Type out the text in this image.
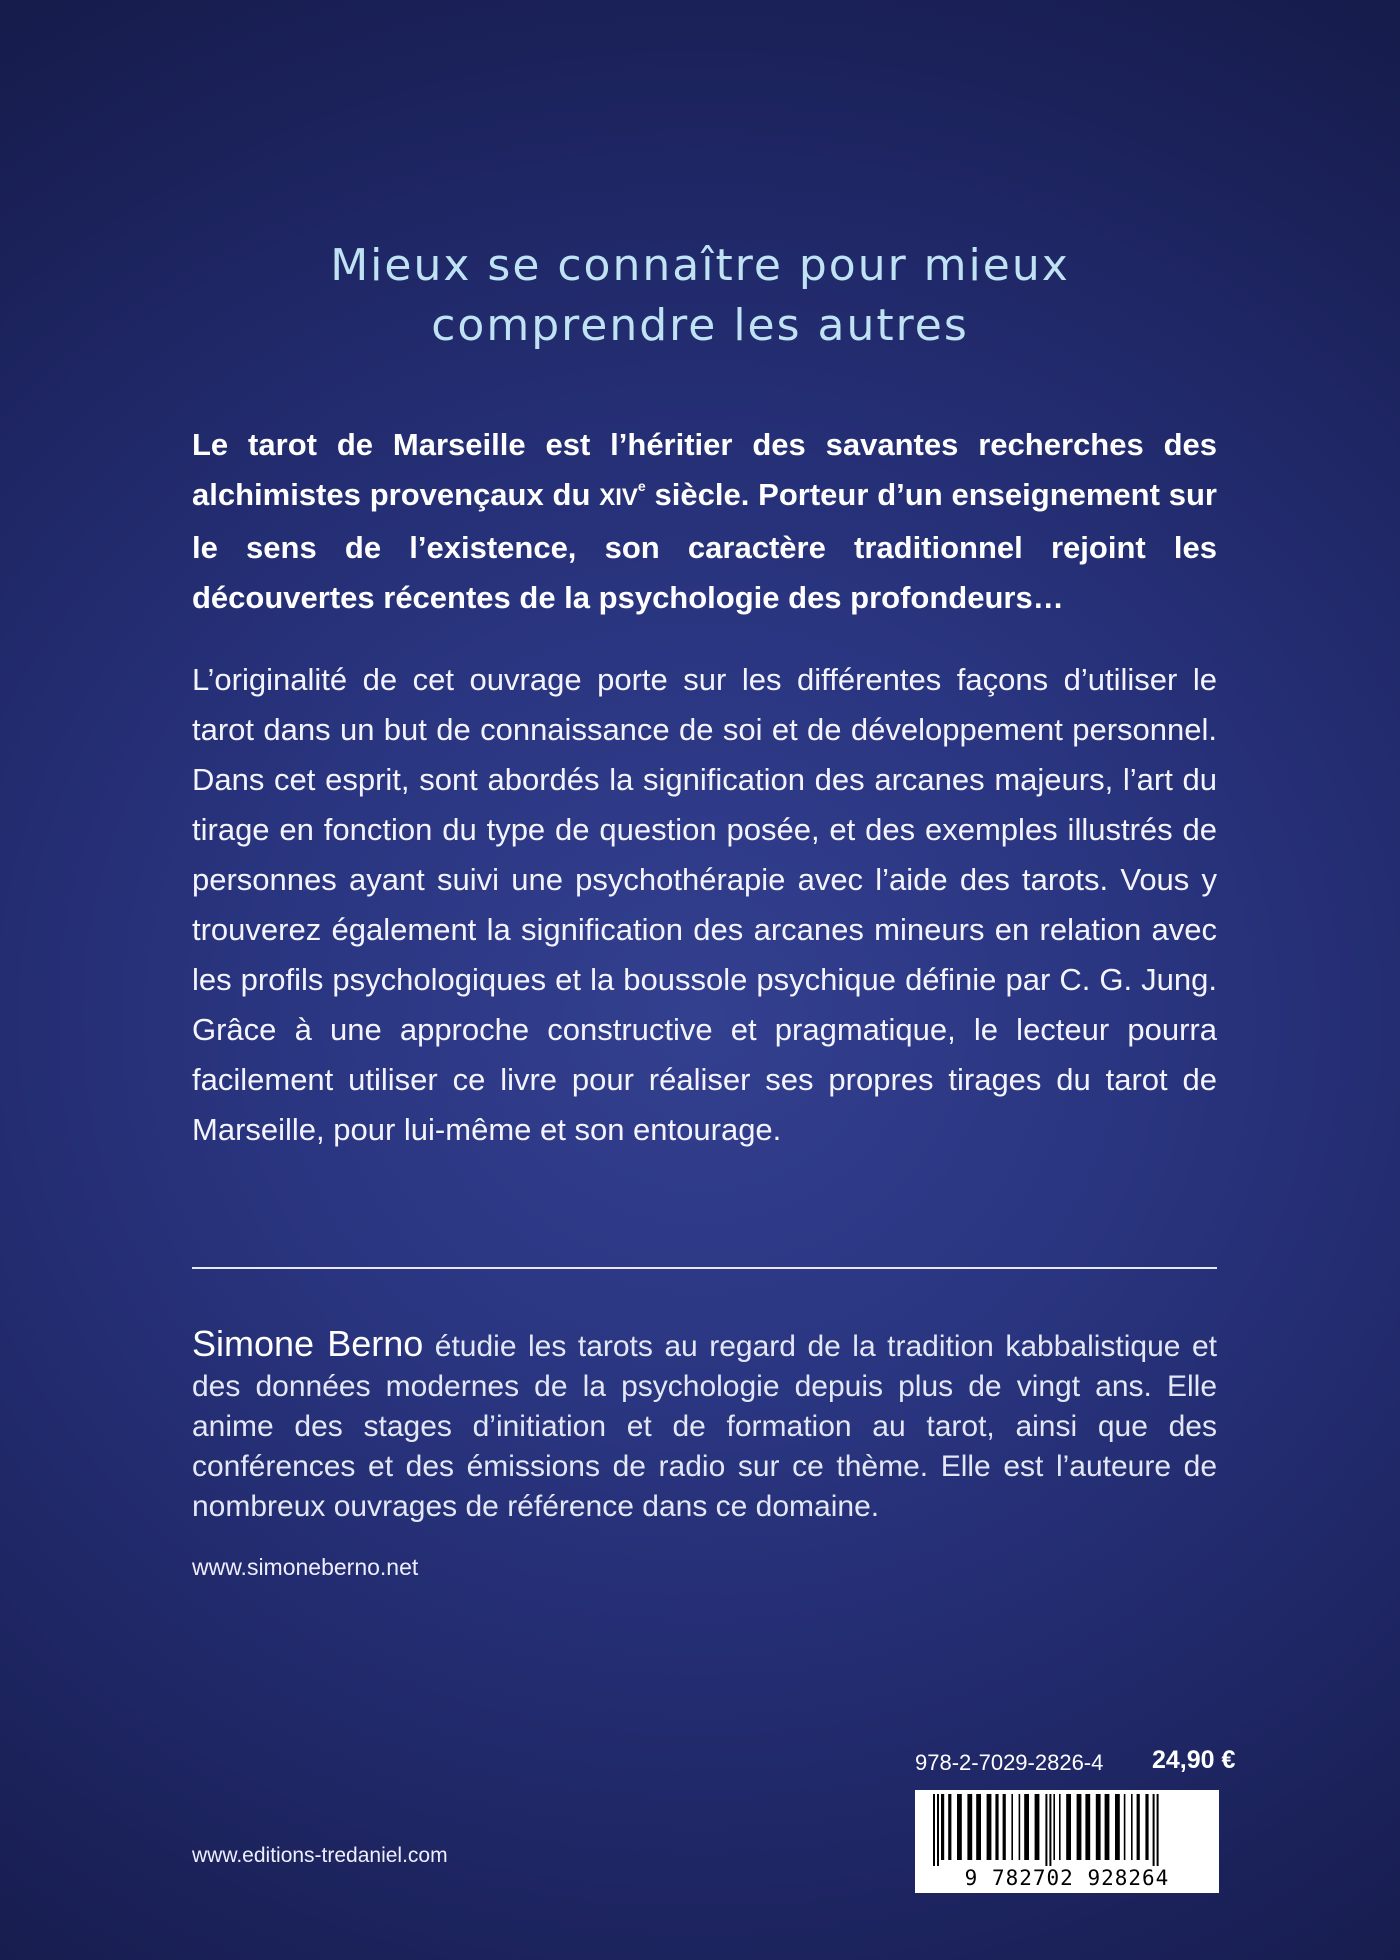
Mieux se connaître pour mieux
comprendre les autres

Le tarot de Marseille est l’héritier des savantes recherches des alchimistes provençaux du XIVe siècle. Porteur d’un enseignement sur le sens de l’existence, son caractère traditionnel rejoint les découvertes récentes de la psychologie des profondeurs…

L’originalité de cet ouvrage porte sur les différentes façons d’utiliser le tarot dans un but de connaissance de soi et de développement personnel. Dans cet esprit, sont abordés la signification des arcanes majeurs, l’art du tirage en fonction du type de question posée, et des exemples illustrés de personnes ayant suivi une psychothérapie avec l’aide des tarots. Vous y trouverez également la signification des arcanes mineurs en relation avec les profils psychologiques et la boussole psychique définie par C. G. Jung. Grâce à une approche constructive et pragmatique, le lecteur pourra facilement utiliser ce livre pour réaliser ses propres tirages du tarot de Marseille, pour lui-même et son entourage.

Simone Berno étudie les tarots au regard de la tradition kabbalistique et des données modernes de la psychologie depuis plus de vingt ans. Elle anime des stages d’initiation et de formation au tarot, ainsi que des conférences et des émissions de radio sur ce thème. Elle est l’auteure de nombreux ouvrages de référence dans ce domaine.

www.simoneberno.net
978-2-7029-2826-4 24,90 €
9 782702 928264
www.editions-tredaniel.com
